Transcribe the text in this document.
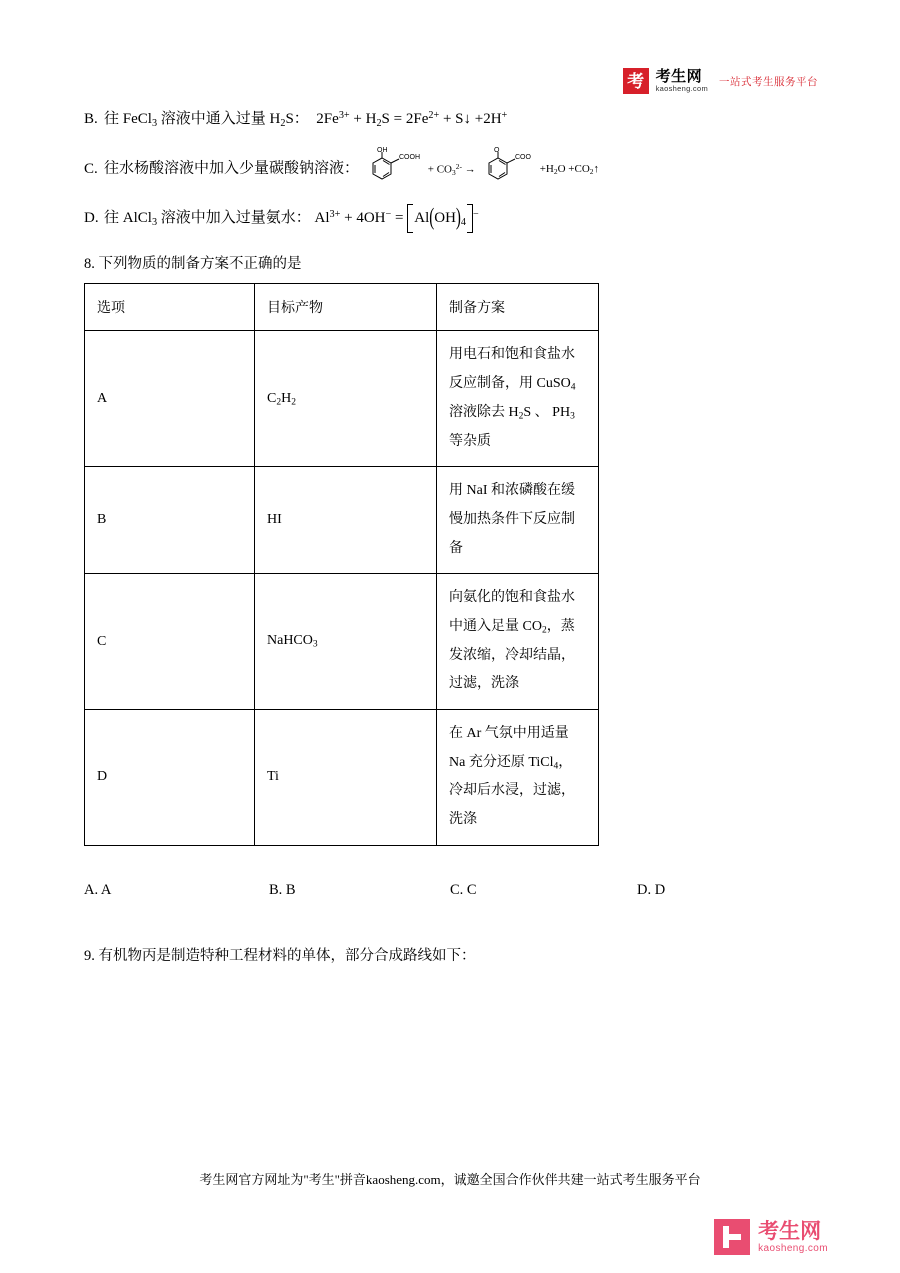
考 考生网
kaosheng.com
一站式考生服务平台
B. 往 FeCl$_3$ 溶液中通入过量 $H_2S$：  $2Fe^{3+} + H_2S = 2Fe^{2+}$ + S↓ +2H+
C. 往水杨酸溶液中加入少量碳酸钠溶液：
OH
COOH
+ $CO_3^{2-}$ →
O
COO
$+H_2O$ $+CO_2↑$
D. 往 AlCl$_3$ 溶液中加入过量氨水： $Al^{3+} + 4OH^- = Al(OH)_4^-$
8. 下列物质的制备方案不正确的是
选项	目标产物	制备方案
A	$C_2H_2$	用电石和饱和食盐水
反应制备，用 CuSO$_4$
溶液除去 $H_2S$ 、 $PH_3$
等杂质

B	HI	用 NaI 和浓磷酸在缓
慢加热条件下反应制
备

C	NaHCO$_3$	向氨化的饱和食盐水
中通入足量 $CO_2$，蒸
发浓缩，冷却结晶，
过滤，洗涤

D	Ti	在 Ar 气氛中用适量
Na 充分还原 TiCl$_4$，
冷却后水浸，过滤，
洗涤
A. A	B. B	C. C	D. D
9. 有机物丙是制造特种工程材料的单体，部分合成路线如下：
考生网官方网址为"考生"拼音kaosheng.com，诚邀全国合作伙伴共建一站式考生服务平台
考生网
kaosheng.com
